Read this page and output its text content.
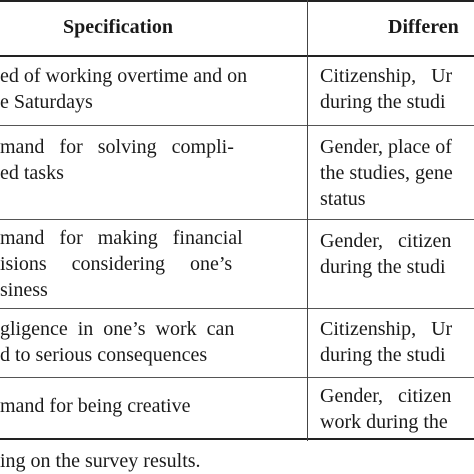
Specification	Differen
ed of working overtime and on
e Saturdays
Citizenship,   Ur
during the studi
mand   for   solving   compli-
ed tasks
Gender, place of
the studies, gene
status
mand   for   making   financial
isions     considering     one’s
siness
Gender,   citizen
during the studi
gligence  in  one’s  work  can
d to serious consequences
Citizenship,   Ur
during the studi
mand for being creative	Gender,   citizen
work during the
ing on the survey results.
